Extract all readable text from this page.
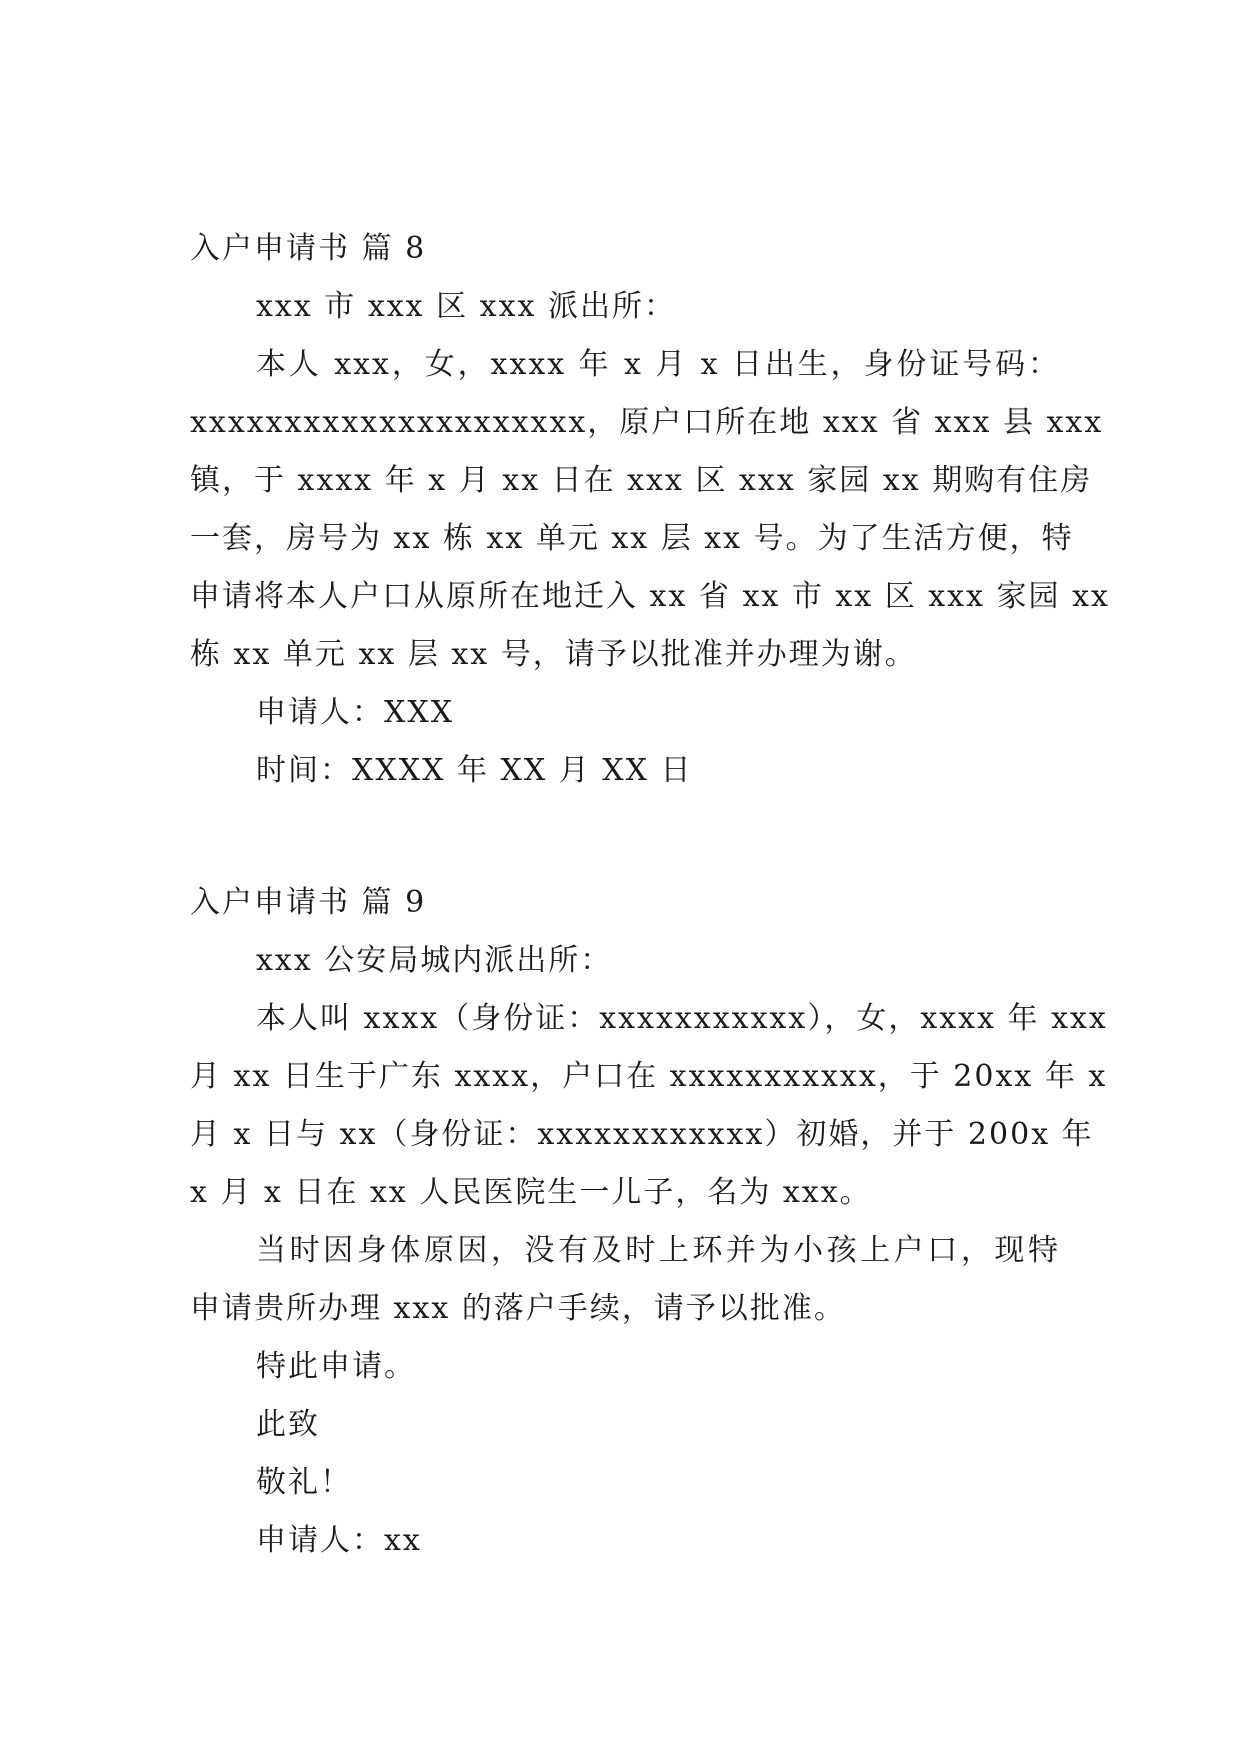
入户申请书 篇 8
xxx 市 xxx 区 xxx 派出所：
本人 xxx，女，xxxx 年 x 月 x 日出生，身份证号码：
xxxxxxxxxxxxxxxxxxxxx，原户口所在地 xxx 省 xxx 县 xxx
镇，于 xxxx 年 x 月 xx 日在 xxx 区 xxx 家园 xx 期购有住房
一套，房号为 xx 栋 xx 单元 xx 层 xx 号。为了生活方便，特
申请将本人户口从原所在地迁入 xx 省 xx 市 xx 区 xxx 家园 xx
栋 xx 单元 xx 层 xx 号，请予以批准并办理为谢。
申请人：XXX
时间：XXXX 年 XX 月 XX 日
入户申请书 篇 9
xxx 公安局城内派出所：
本人叫 xxxx（身份证：xxxxxxxxxxx），女，xxxx 年 xxx
月 xx 日生于广东 xxxx，户口在 xxxxxxxxxxx，于 20xx 年 x
月 x 日与 xx（身份证：xxxxxxxxxxxx）初婚，并于 200x 年
x 月 x 日在 xx 人民医院生一儿子，名为 xxx。
当时因身体原因，没有及时上环并为小孩上户口，现特
申请贵所办理 xxx 的落户手续，请予以批准。
特此申请。
此致
敬礼！
申请人：xx
